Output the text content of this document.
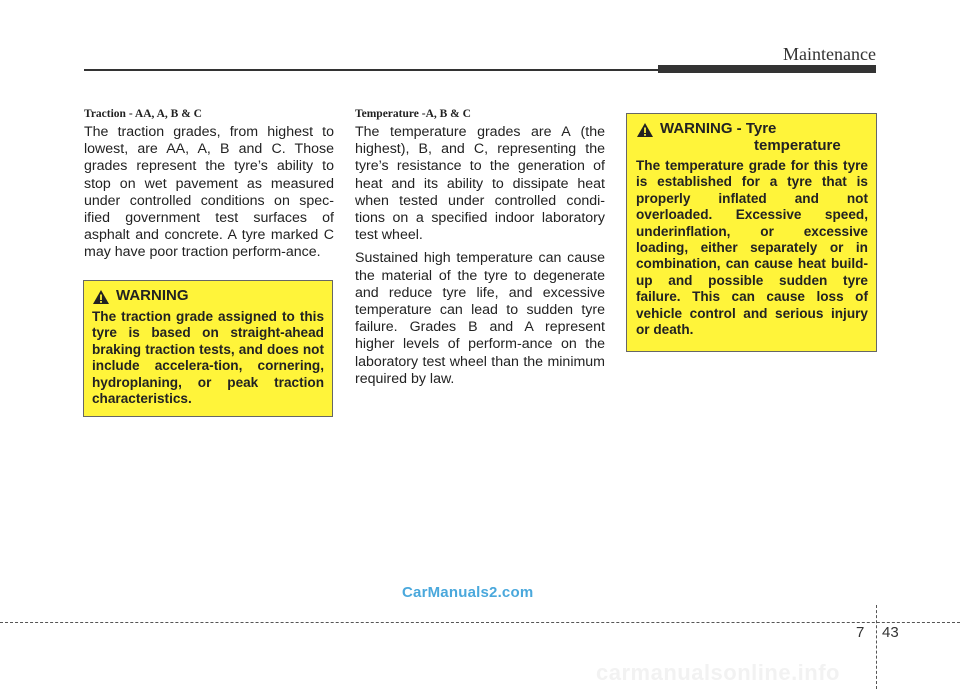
Maintenance

Traction - AA, A, B & C

The traction grades, from highest to lowest, are AA, A, B and C. Those grades represent the tyre’s ability to stop on wet pavement as measured under controlled conditions on spec-ified government test surfaces of asphalt and concrete. A tyre marked C may have poor traction perform-ance.

WARNING
The traction grade assigned to this tyre is based on straight-ahead braking traction tests, and does not include accelera-tion, cornering, hydroplaning, or peak traction characteristics.

Temperature -A, B & C

The temperature grades are A (the highest), B, and C, representing the tyre’s resistance to the generation of heat and its ability to dissipate heat when tested under controlled condi-tions on a specified indoor laboratory test wheel.

Sustained high temperature can cause the material of the tyre to degenerate and reduce tyre life, and excessive temperature can lead to sudden tyre failure. Grades B and A represent higher levels of perform-ance on the laboratory test wheel than the minimum required by law.

WARNING - Tyre
temperature
The temperature grade for this tyre is established for a tyre that is properly inflated and not overloaded. Excessive speed, underinflation, or excessive loading, either separately or in combination, can cause heat build-up and possible sudden tyre failure. This can cause loss of vehicle control and serious injury or death.
CarManuals2.com
7 43
carmanualsonline.info
